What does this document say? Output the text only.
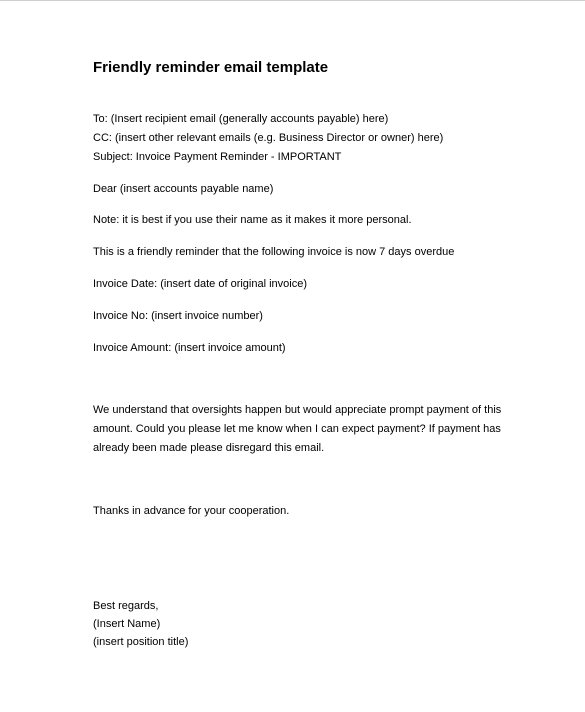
Friendly reminder email template
To: (Insert recipient email (generally accounts payable) here)
CC: (insert other relevant emails (e.g. Business Director or owner) here)
Subject: Invoice Payment Reminder - IMPORTANT
Dear (insert accounts payable name)
Note: it is best if you use their name as it makes it more personal.
This is a friendly reminder that the following invoice is now 7 days overdue
Invoice Date: (insert date of original invoice)
Invoice No: (insert invoice number)
Invoice Amount: (insert invoice amount)
We understand that oversights happen but would appreciate prompt payment of this amount. Could you please let me know when I can expect payment? If payment has already been made please disregard this email.
Thanks in advance for your cooperation.
Best regards,
(Insert Name)
(insert position title)
